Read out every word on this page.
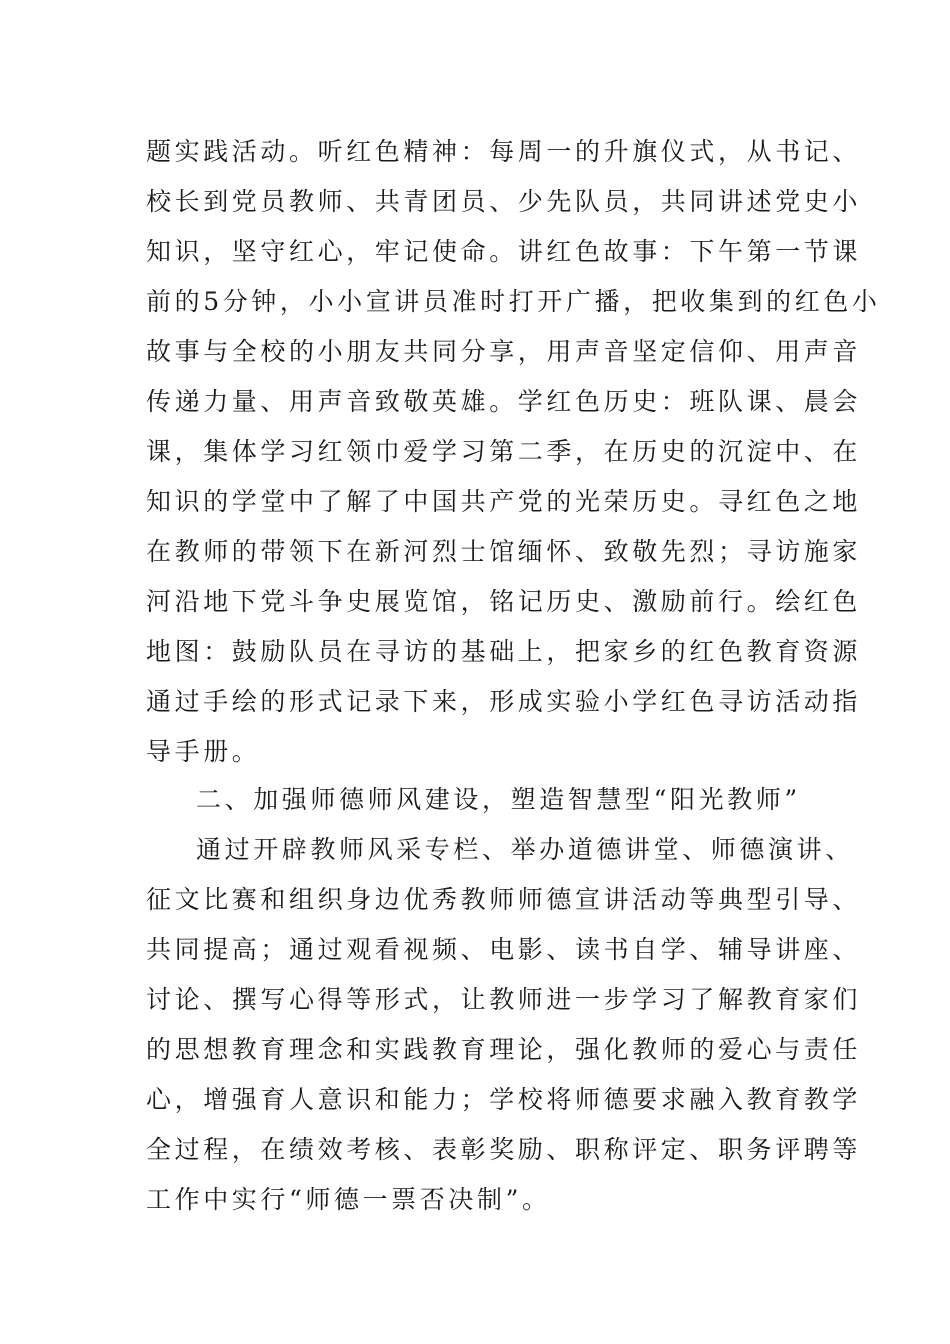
题实践活动。听红色精神：每周一的升旗仪式，从书记、
校长到党员教师、共青团员、少先队员，共同讲述党史小
知识，坚守红心，牢记使命。讲红色故事：下午第一节课
前的5分钟，小小宣讲员准时打开广播，把收集到的红色小
故事与全校的小朋友共同分享，用声音坚定信仰、用声音
传递力量、用声音致敬英雄。学红色历史：班队课、晨会
课，集体学习红领巾爱学习第二季，在历史的沉淀中、在
知识的学堂中了解了中国共产党的光荣历史。寻红色之地
在教师的带领下在新河烈士馆缅怀、致敬先烈；寻访施家
河沿地下党斗争史展览馆，铭记历史、激励前行。绘红色
地图：鼓励队员在寻访的基础上，把家乡的红色教育资源
通过手绘的形式记录下来，形成实验小学红色寻访活动指
导手册。
二、加强师德师风建设，塑造智慧型“阳光教师”
通过开辟教师风采专栏、举办道德讲堂、师德演讲、
征文比赛和组织身边优秀教师师德宣讲活动等典型引导、
共同提高；通过观看视频、电影、读书自学、辅导讲座、
讨论、撰写心得等形式，让教师进一步学习了解教育家们
的思想教育理念和实践教育理论，强化教师的爱心与责任
心，增强育人意识和能力；学校将师德要求融入教育教学
全过程，在绩效考核、表彰奖励、职称评定、职务评聘等
工作中实行“师德一票否决制”。
